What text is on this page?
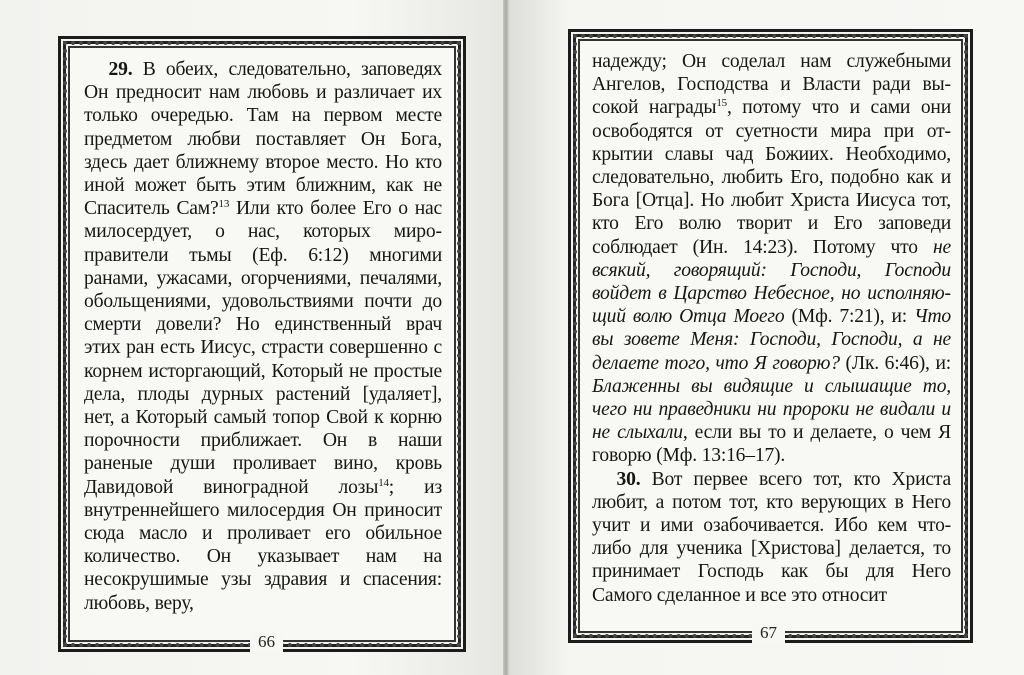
29. В обеих, следовательно, заповедях Он предносит нам любовь и различает их только очередью. Там на первом месте предметом любви поставляет Он Бога, здесь дает ближнему второе место. Но кто иной может быть этим ближним, как не Спаситель Сам?$^{13}$ Или кто более Его о нас милосердует, о нас, которых мироправители тьмы (Еф. 6:12) многими ранами, ужасами, огорчениями, печалями, обольщениями, удовольствиями почти до смерти довели? Но единственный врач этих ран есть Иисус, страсти совершенно с корнем исторгающий, Который не простые дела, плоды дурных растений [удаляет], нет, а Который самый топор Свой к корню порочности приближает. Он в наши раненые души проливает вино, кровь Давидовой виноградной лозы$^{14}$; из внутреннейшего милосердия Он приносит сюда масло и проливает его обильное количество. Он указывает нам на несокрушимые узы здравия и спасения: любовь, веру,

надежду; Он соделал нам служебными Ангелов, Господства и Власти ради высокой награды$^{15}$, потому что и сами они освободятся от суетности мира при открытии славы чад Божиих. Необходимо, следовательно, любить Его, подобно как и Бога [Отца]. Но любит Христа Иисуса тот, кто Его волю творит и Его заповеди соблюдает (Ин. 14:23). Потому что не всякий, говорящий: Господи, Господи войдет в Царство Небесное, но исполняющий волю Отца Моего (Мф. 7:21), и: Что вы зовете Меня: Господи, Господи, а не делаете того, что Я говорю? (Лк. 6:46), и: Блаженны вы видящие и слышащие то, чего ни праведники ни пророки не видали и не слыхали, если вы то и делаете, о чем Я говорю (Мф. 13:16–17).

30. Вот первее всего тот, кто Христа любит, а потом тот, кто верующих в Него учит и ими озабочивается. Ибо кем что-либо для ученика [Христова] делается, то принимает Господь как бы для Него Самого сделанное и все это относит

66	67
